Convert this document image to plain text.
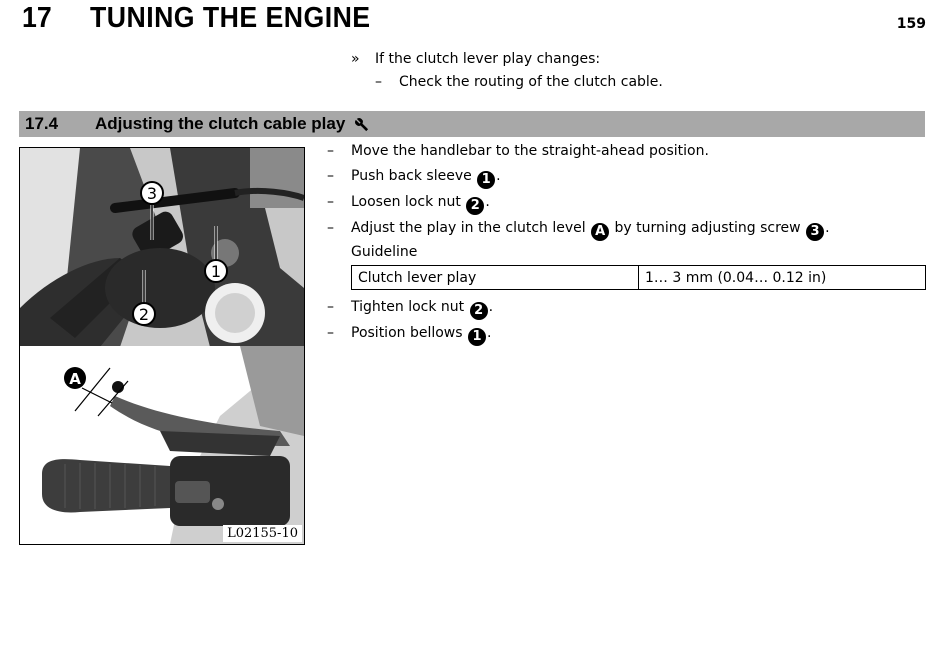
17 TUNING THE ENGINE	159
» If the clutch lever play changes:
– Check the routing of the clutch cable.
17.4 Adjusting the clutch cable play
3
1
2
A
L02155-10
– Move the handlebar to the straight-ahead position.
– Push back sleeve 1 .
– Loosen lock nut 2 .
– Adjust the play in the clutch level A by turning adjusting screw 3 .
– Tighten lock nut 2 .
– Position bellows 1 .
Guideline
Clutch lever play	1… 3 mm (0.04… 0.12 in)
